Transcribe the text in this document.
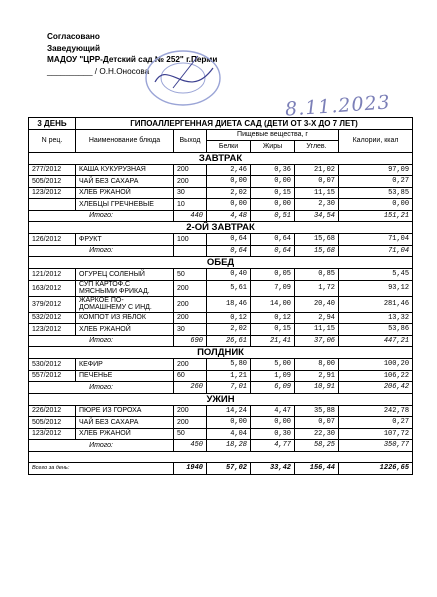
Согласовано
Заведующий
МАДОУ "ЦРР-Детский сад № 252" г.Перми
__________ / О.Н.Оносова
8.11.2023
3 ДЕНЬ	ГИПОАЛЛЕРГЕННАЯ ДИЕТА САД (ДЕТИ ОТ 3-Х ДО 7 ЛЕТ)					
N рец.	Наименование блюда	Выход	Пищевые вещества, г			Калории, ккал
			Белки	Жиры	Углев.	
ЗАВТРАК						
277/2012	КАША КУКУРУЗНАЯ	200	2,46	0,36	21,02	97,09
505/2012	ЧАЙ БЕЗ САХАРА	200	0,00	0,00	0,07	0,27
123/2012	ХЛЕБ РЖАНОЙ	30	2,02	0,15	11,15	53,85
	ХЛЕБЦЫ ГРЕЧНЕВЫЕ	10	0,00	0,00	2,30	0,00
Итого:		440	4,48	0,51	34,54	151,21
2-ОЙ ЗАВТРАК						
126/2012	ФРУКТ	100	0,64	0,64	15,68	71,04
Итого:			0,64	0,64	15,68	71,04
ОБЕД						
121/2012	ОГУРЕЦ СОЛЕНЫЙ	50	0,40	0,05	0,85	5,45
163/2012	СУП КАРТОФ.С МЯСНЫМИ ФРИКАД.	200	5,61	7,09	1,72	93,12
379/2012	ЖАРКОЕ ПО-ДОМАШНЕМУ С ИНД.	200	18,46	14,00	20,40	281,46
532/2012	КОМПОТ ИЗ ЯБЛОК	200	0,12	0,12	2,94	13,32
123/2012	ХЛЕБ РЖАНОЙ	30	2,02	0,15	11,15	53,86
Итого:		690	26,61	21,41	37,06	447,21
ПОЛДНИК						
530/2012	КЕФИР	200	5,80	5,00	8,00	100,20
557/2012	ПЕЧЕНЬЕ	60	1,21	1,09	2,91	106,22
Итого:		260	7,01	6,09	10,91	206,42
УЖИН						
226/2012	ПЮРЕ ИЗ ГОРОХА	200	14,24	4,47	35,88	242,78
505/2012	ЧАЙ БЕЗ САХАРА	200	0,00	0,00	0,07	0,27
123/2012	ХЛЕБ РЖАНОЙ	50	4,04	0,30	22,30	107,72
Итого:		450	18,28	4,77	58,25	350,77

Всего за день:		1940	57,02	33,42	156,44	1226,65
